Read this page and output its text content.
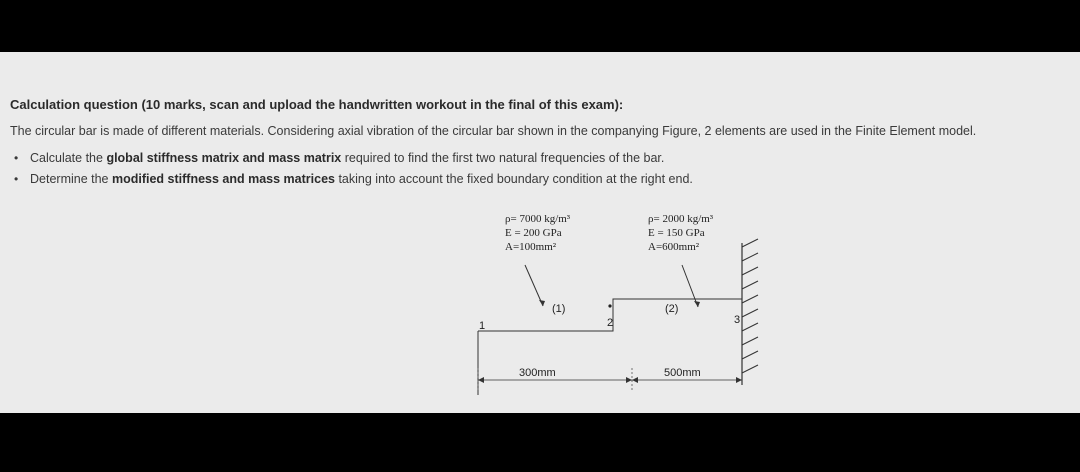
Calculation question (10 marks, scan and upload the handwritten workout in the final of this exam):
The circular bar is made of different materials. Considering axial vibration of the circular bar shown in the companying Figure, 2 elements are used in the Finite Element model.
• Calculate the global stiffness matrix and mass matrix required to find the first two natural frequencies of the bar.
• Determine the modified stiffness and mass matrices taking into account the fixed boundary condition at the right end.
ρ= 7000 kg/m³
E = 200 GPa
A=100mm²
ρ= 2000 kg/m³
E = 150 GPa
A=600mm²
(1)	(2)
1	2	3
300mm	500mm
